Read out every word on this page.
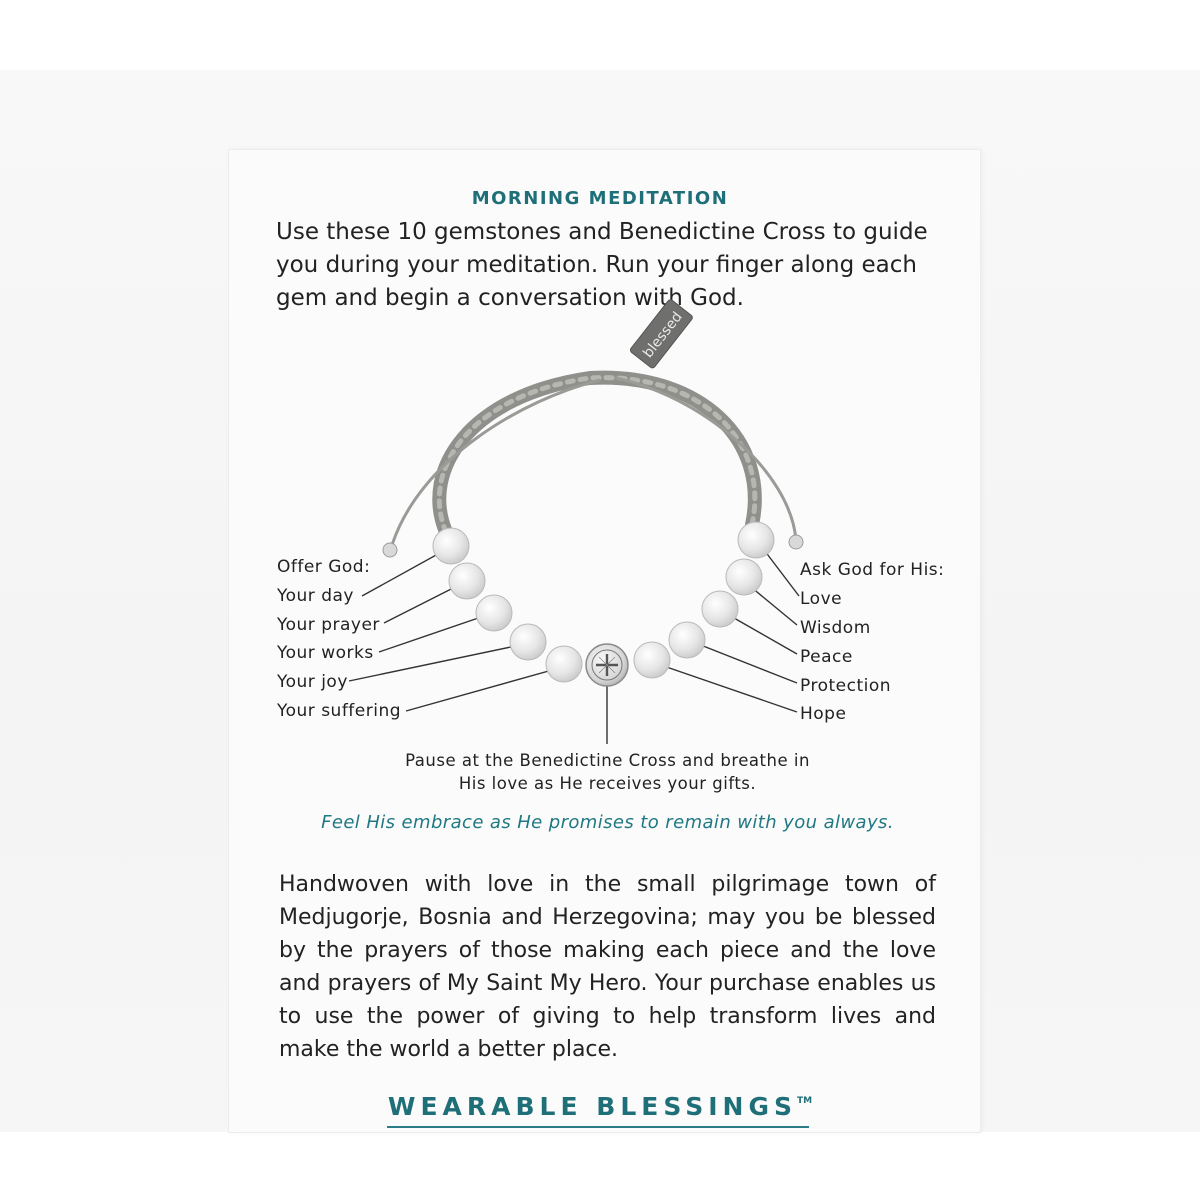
MORNING MEDITATION
Use these 10 gemstones and Benedictine Cross to guide you during your meditation. Run your finger along each gem and begin a conversation with God.
blessed
Offer God:
Your day
Your prayer
Your works
Your joy
Your suffering
Ask God for His:
Love
Wisdom
Peace
Protection
Hope
Pause at the Benedictine Cross and breathe in
His love as He receives your gifts.
Feel His embrace as He promises to remain with you always.
Handwoven with love in the small pilgrimage town of Medjugorje, Bosnia and Herzegovina; may you be blessed by the prayers of those making each piece and the love and prayers of My Saint My Hero. Your purchase enables us to use the power of giving to help transform lives and make the world a better place.
WEARABLE BLESSINGS™
